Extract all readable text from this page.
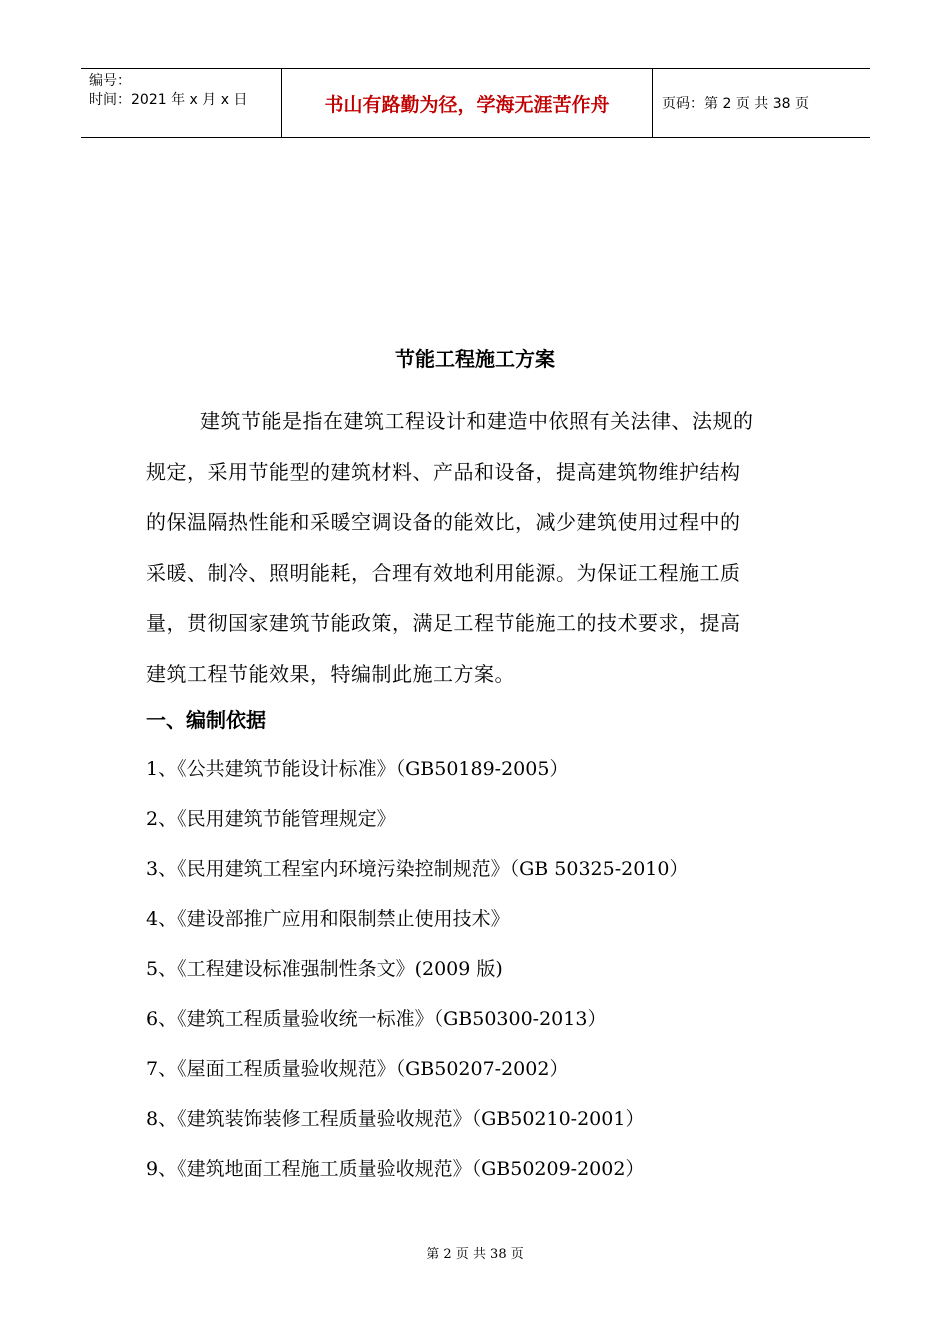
编号：
时间：2021 年 x 月 x 日	书山有路勤为径，学海无涯苦作舟	页码：第 2 页 共 38 页
节能工程施工方案
建筑节能是指在建筑工程设计和建造中依照有关法律、法规的
规定，采用节能型的建筑材料、产品和设备，提高建筑物维护结构
的保温隔热性能和采暖空调设备的能效比，减少建筑使用过程中的
采暖、制冷、照明能耗，合理有效地利用能源。为保证工程施工质
量，贯彻国家建筑节能政策，满足工程节能施工的技术要求，提高
建筑工程节能效果，特编制此施工方案。
一、编制依据
1、《公共建筑节能设计标准》（GB50189-2005）
2、《民用建筑节能管理规定》
3、《民用建筑工程室内环境污染控制规范》（GB 50325-2010）
4、《建设部推广应用和限制禁止使用技术》
5、《工程建设标准强制性条文》(2009 版)
6、《建筑工程质量验收统一标准》（GB50300-2013）
7、《屋面工程质量验收规范》（GB50207-2002）
8、《建筑装饰装修工程质量验收规范》（GB50210-2001）
9、《建筑地面工程施工质量验收规范》（GB50209-2002）
第 2 页 共 38 页
